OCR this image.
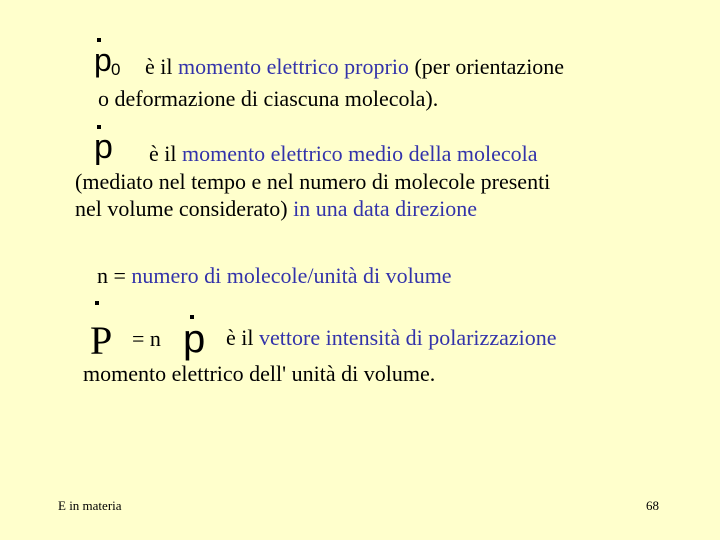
p 0 è il momento elettrico proprio (per orientazione
o deformazione di ciascuna molecola).
p è il momento elettrico medio della molecola
(mediato nel tempo e nel numero di molecole presenti
nel volume considerato) in una data direzione
n = numero di molecole/unità di volume
P = n p è il vettore intensità di polarizzazione
momento elettrico dell' unità di volume.
E in materia	68
